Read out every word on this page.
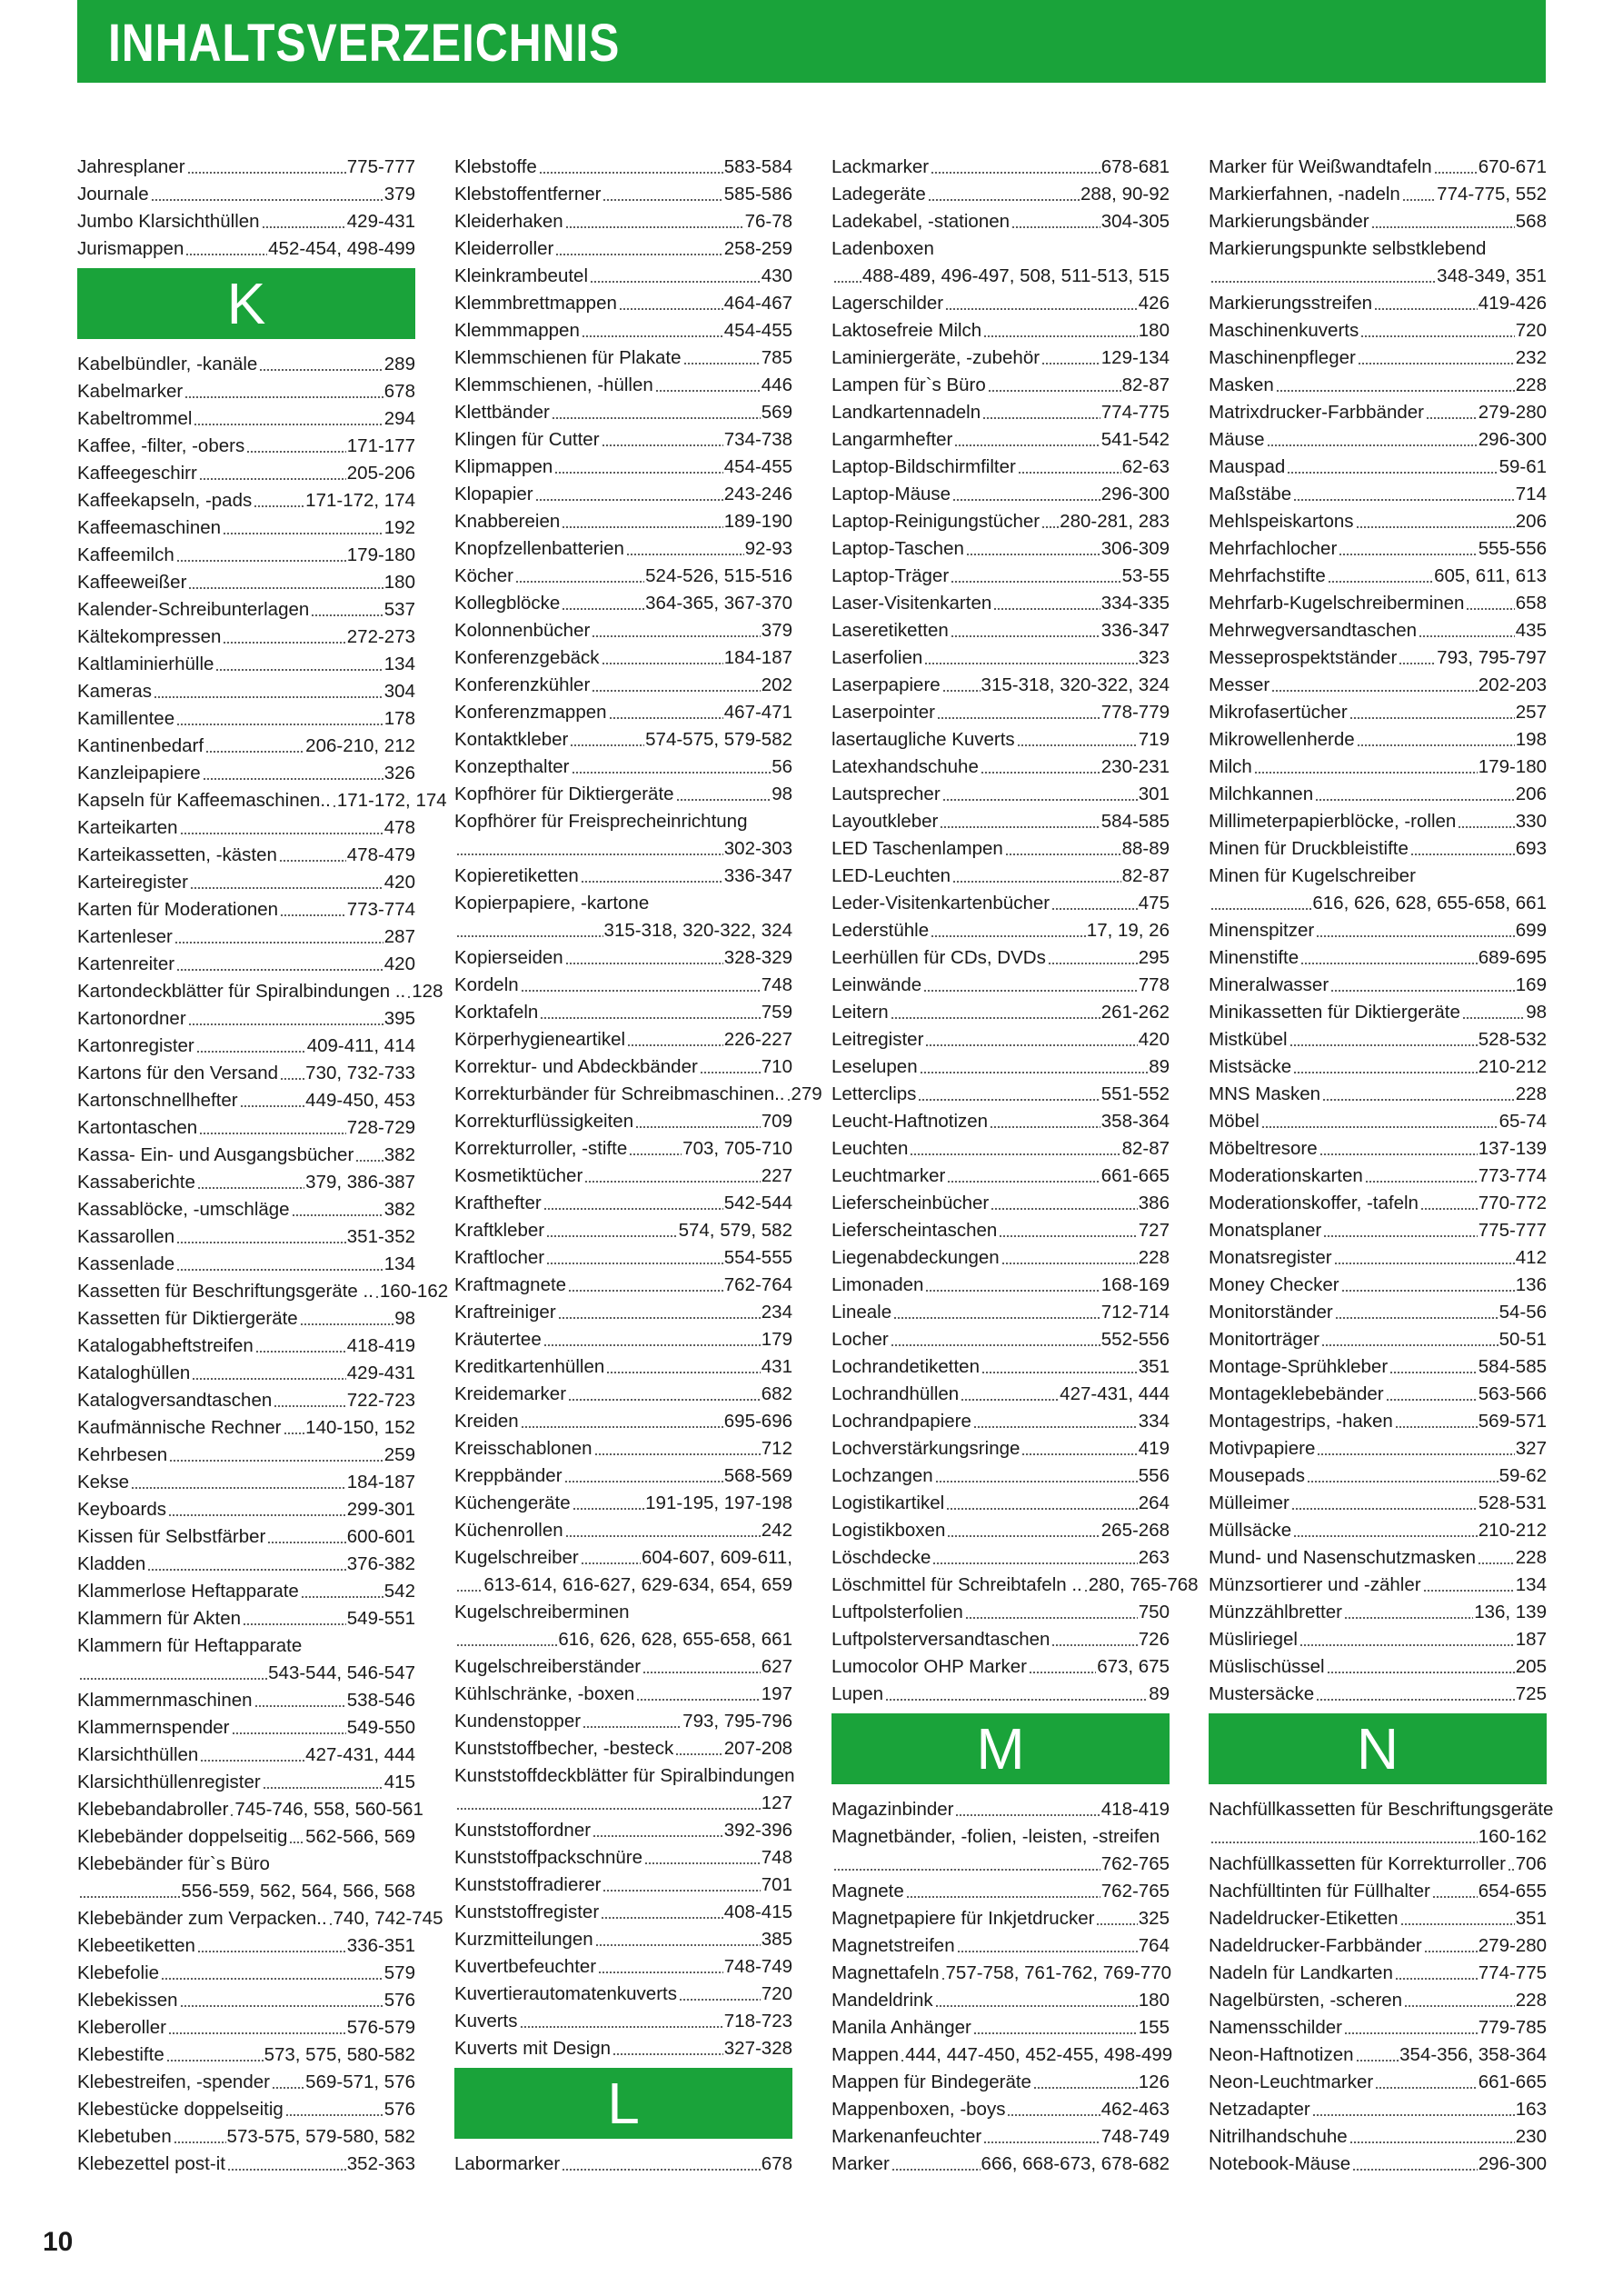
INHALTSVERZEICHNIS
Jahresplaner	775-777
Journale	379
Jumbo Klarsichthüllen	429-431
Jurismappen	452-454, 498-499
K
Kabelbündler, -kanäle	289
Kabelmarker	678
Kabeltrommel	294
Kaffee, -filter, -obers	171-177
Kaffeegeschirr	205-206
Kaffeekapseln, -pads	171-172, 174
Kaffeemaschinen	192
Kaffeemilch	179-180
Kaffeeweißer	180
Kalender-Schreibunterlagen	537
Kältekompressen	272-273
Kaltlaminierhülle	134
Kameras	304
Kamillentee	178
Kantinenbedarf	206-210, 212
Kanzleipapiere	326
Kapseln für Kaffeemaschinen.. 171-172, 174
Karteikarten	478
Karteikassetten, -kästen	478-479
Karteiregister	420
Karten für Moderationen	773-774
Kartenleser	287
Kartenreiter	420
Kartondeckblätter für Spiralbindungen .. 128
Kartonordner	395
Kartonregister	409-411, 414
Kartons für den Versand 730, 732-733
Kartonschnellhefter	449-450, 453
Kartontaschen	728-729
Kassa- Ein- und Ausgangsbücher 382
Kassaberichte	379, 386-387
Kassablöcke, -umschläge	382
Kassarollen	351-352
Kassenlade	134
Kassetten für Beschriftungsgeräte .. 160-162
Kassetten für Diktiergeräte	98
Katalogabheftstreifen	418-419
Kataloghüllen	429-431
Katalogversandtaschen	722-723
Kaufmännische Rechner 140-150, 152
Kehrbesen	259
Kekse	184-187
Keyboards	299-301
Kissen für Selbstfärber	600-601
Kladden	376-382
Klammerlose Heftapparate	542
Klammern für Akten	549-551
Klammern für Heftapparate
543-544, 546-547
Klammernmaschinen	538-546
Klammernspender	549-550
Klarsichthüllen	427-431, 444
Klarsichthüllenregister	415
Klebebandabroller 745-746, 558, 560-561
Klebebänder doppelseitig 562-566, 569
Klebebänder für`s Büro
556-559, 562, 564, 566, 568
Klebebänder zum Verpacken.. 740, 742-745
Klebeetiketten	336-351
Klebefolie	579
Klebekissen	576
Kleberoller	576-579
Klebestifte	573, 575, 580-582
Klebestreifen, -spender 569-571, 576
Klebestücke doppelseitig	576
Klebetuben	573-575, 579-580, 582
Klebezettel post-it	352-363
Klebstoffe	583-584
Klebstoffentferner	585-586
Kleiderhaken	76-78
Kleiderroller	258-259
Kleinkrambeutel	430
Klemmbrettmappen	464-467
Klemmmappen	454-455
Klemmschienen für Plakate	785
Klemmschienen, -hüllen	446
Klettbänder	569
Klingen für Cutter	734-738
Klipmappen	454-455
Klopapier	243-246
Knabbereien	189-190
Knopfzellenbatterien	92-93
Köcher	524-526, 515-516
Kollegblöcke	364-365, 367-370
Kolonnenbücher	379
Konferenzgebäck	184-187
Konferenzkühler	202
Konferenzmappen	467-471
Kontaktkleber	574-575, 579-582
Konzepthalter	56
Kopfhörer für Diktiergeräte	98
Kopfhörer für Freisprecheinrichtung
302-303
Kopieretiketten	336-347
Kopierpapiere, -kartone
315-318, 320-322, 324
Kopierseiden	328-329
Kordeln	748
Korktafeln	759
Körperhygieneartikel	226-227
Korrektur- und Abdeckbänder	710
Korrekturbänder für Schreibmaschinen.. 279
Korrekturflüssigkeiten	709
Korrekturroller, -stifte	703, 705-710
Kosmetiktücher	227
Krafthefter	542-544
Kraftkleber	574, 579, 582
Kraftlocher	554-555
Kraftmagnete	762-764
Kraftreiniger	234
Kräutertee	179
Kreditkartenhüllen	431
Kreidemarker	682
Kreiden	695-696
Kreisschablonen	712
Kreppbänder	568-569
Küchengeräte	191-195, 197-198
Küchenrollen	242
Kugelschreiber	604-607, 609-611,
613-614, 616-627, 629-634, 654, 659
Kugelschreiberminen
616, 626, 628, 655-658, 661
Kugelschreiberständer	627
Kühlschränke, -boxen	197
Kundenstopper	793, 795-796
Kunststoffbecher, -besteck	207-208
Kunststoffdeckblätter für Spiralbindungen
127
Kunststoffordner	392-396
Kunststoffpackschnüre	748
Kunststoffradierer	701
Kunststoffregister	408-415
Kurzmitteilungen	385
Kuvertbefeuchter	748-749
Kuvertierautomatenkuverts	720
Kuverts	718-723
Kuverts mit Design	327-328
L
Labormarker	678
Lackmarker	678-681
Ladegeräte	288, 90-92
Ladekabel, -stationen	304-305
Ladenboxen
488-489, 496-497, 508, 511-513, 515
Lagerschilder	426
Laktosefreie Milch	180
Laminiergeräte, -zubehör	129-134
Lampen für`s Büro	82-87
Landkartennadeln	774-775
Langarmhefter	541-542
Laptop-Bildschirmfilter	62-63
Laptop-Mäuse	296-300
Laptop-Reinigungstücher 280-281, 283
Laptop-Taschen	306-309
Laptop-Träger	53-55
Laser-Visitenkarten	334-335
Laseretiketten	336-347
Laserfolien	323
Laserpapiere 315-318, 320-322, 324
Laserpointer	778-779
lasertaugliche Kuverts	719
Latexhandschuhe	230-231
Lautsprecher	301
Layoutkleber	584-585
LED Taschenlampen	88-89
LED-Leuchten	82-87
Leder-Visitenkartenbücher	475
Lederstühle	17, 19, 26
Leerhüllen für CDs, DVDs	295
Leinwände	778
Leitern	261-262
Leitregister	420
Leselupen	89
Letterclips	551-552
Leucht-Haftnotizen	358-364
Leuchten	82-87
Leuchtmarker	661-665
Lieferscheinbücher	386
Lieferscheintaschen	727
Liegenabdeckungen	228
Limonaden	168-169
Lineale	712-714
Locher	552-556
Lochrandetiketten	351
Lochrandhüllen	427-431, 444
Lochrandpapiere	334
Lochverstärkungsringe	419
Lochzangen	556
Logistikartikel	264
Logistikboxen	265-268
Löschdecke	263
Löschmittel für Schreibtafeln .. 280, 765-768
Luftpolsterfolien	750
Luftpolsterversandtaschen	726
Lumocolor OHP Marker	673, 675
Lupen	89
M
Magazinbinder	418-419
Magnetbänder, -folien, -leisten, -streifen
762-765
Magnete	762-765
Magnetpapiere für Inkjetdrucker 325
Magnetstreifen	764
Magnettafeln 757-758, 761-762, 769-770
Mandeldrink	180
Manila Anhänger	155
Mappen 444, 447-450, 452-455, 498-499
Mappen für Bindegeräte	126
Mappenboxen, -boys	462-463
Markenanfeuchter	748-749
Marker	666, 668-673, 678-682
Marker für Weißwandtafeln 670-671
Markierfahnen, -nadeln 774-775, 552
Markierungsbänder	568
Markierungspunkte selbstklebend
348-349, 351
Markierungsstreifen	419-426
Maschinenkuverts	720
Maschinenpfleger	232
Masken	228
Matrixdrucker-Farbbänder	279-280
Mäuse	296-300
Mauspad	59-61
Maßstäbe	714
Mehlspeiskartons	206
Mehrfachlocher	555-556
Mehrfachstifte	605, 611, 613
Mehrfarb-Kugelschreiberminen	658
Mehrwegversandtaschen	435
Messeprospektständer 793, 795-797
Messer	202-203
Mikrofasertücher	257
Mikrowellenherde	198
Milch	179-180
Milchkannen	206
Millimeterpapierblöcke, -rollen	330
Minen für Druckbleistifte	693
Minen für Kugelschreiber
616, 626, 628, 655-658, 661
Minenspitzer	699
Minenstifte	689-695
Mineralwasser	169
Minikassetten für Diktiergeräte	98
Mistkübel	528-532
Mistsäcke	210-212
MNS Masken	228
Möbel	65-74
Möbeltresore	137-139
Moderationskarten	773-774
Moderationskoffer, -tafeln	770-772
Monatsplaner	775-777
Monatsregister	412
Money Checker	136
Monitorständer	54-56
Monitorträger	50-51
Montage-Sprühkleber	584-585
Montageklebebänder	563-566
Montagestrips, -haken	569-571
Motivpapiere	327
Mousepads	59-62
Mülleimer	528-531
Müllsäcke	210-212
Mund- und Nasenschutzmasken 228
Münzsortierer und -zähler	134
Münzzählbretter	136, 139
Müsliriegel	187
Müslischüssel	205
Mustersäcke	725
N
Nachfüllkassetten für Beschriftungsgeräte
160-162
Nachfüllkassetten für Korrekturroller 706
Nachfülltinten für Füllhalter	654-655
Nadeldrucker-Etiketten	351
Nadeldrucker-Farbbänder	279-280
Nadeln für Landkarten	774-775
Nagelbürsten, -scheren	228
Namensschilder	779-785
Neon-Haftnotizen 354-356, 358-364
Neon-Leuchtmarker	661-665
Netzadapter	163
Nitrilhandschuhe	230
Notebook-Mäuse	296-300
10
